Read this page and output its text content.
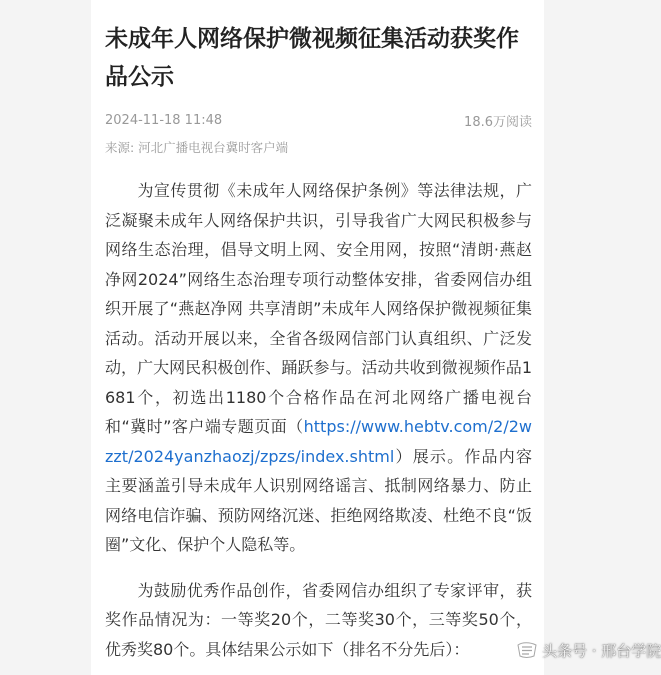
未成年人网络保护微视频征集活动获奖作品公示
2024-11-18 11:48	18.6万阅读
来源: 河北广播电视台冀时客户端

为宣传贯彻《未成年人网络保护条例》等法律法规，广泛凝聚未成年人网络保护共识，引导我省广大网民积极参与网络生态治理，倡导文明上网、安全用网，按照“清朗·燕赵净网2024”网络生态治理专项行动整体安排，省委网信办组织开展了“燕赵净网 共享清朗”未成年人网络保护微视频征集活动。活动开展以来，全省各级网信部门认真组织、广泛发动，广大网民积极创作、踊跃参与。活动共收到微视频作品1681个，初选出1180个合格作品在河北网络广播电视台和“冀时”客户端专题页面（https://www.hebtv.com/2/2wzzt/2024yanzhaozj/zpzs/index.shtml）展示。作品内容主要涵盖引导未成年人识别网络谣言、抵制网络暴力、防止网络电信诈骗、预防网络沉迷、拒绝网络欺凌、杜绝不良“饭圈”文化、保护个人隐私等。

为鼓励优秀作品创作，省委网信办组织了专家评审，获奖作品情况为：一等奖20个，二等奖30个，三等奖50个，优秀奖80个。具体结果公示如下（排名不分先后）：	头条号 · 邢台学院
